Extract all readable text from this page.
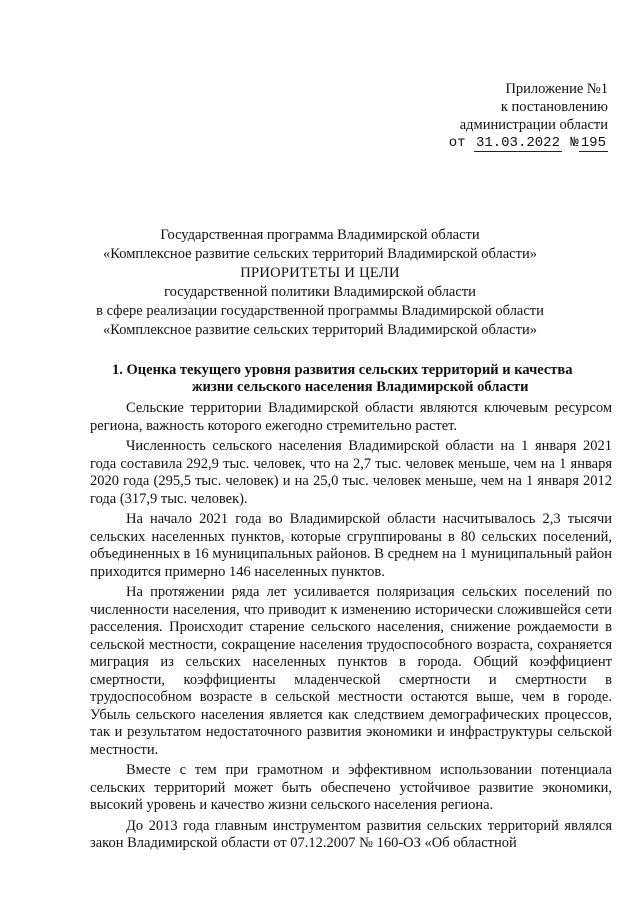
Приложение №1
к постановлению
администрации области
от 31.03.2022 № 195
Государственная программа Владимирской области
«Комплексное развитие сельских территорий Владимирской области»
ПРИОРИТЕТЫ И ЦЕЛИ
государственной политики Владимирской области
в сфере реализации государственной программы Владимирской области
«Комплексное развитие сельских территорий Владимирской области»
1. Оценка текущего уровня развития сельских территорий и качества
жизни сельского населения Владимирской области

Сельские территории Владимирской области являются ключевым ресурсом региона, важность которого ежегодно стремительно растет.

Численность сельского населения Владимирской области на 1 января 2021 года составила 292,9 тыс. человек, что на 2,7 тыс. человек меньше, чем на 1 января 2020 года (295,5 тыс. человек) и на 25,0 тыс. человек меньше, чем на 1 января 2012 года (317,9 тыс. человек).

На начало 2021 года во Владимирской области насчитывалось 2,3 тысячи сельских населенных пунктов, которые сгруппированы в 80 сельских поселений, объединенных в 16 муниципальных районов. В среднем на 1 муниципальный район приходится примерно 146 населенных пунктов.

На протяжении ряда лет усиливается поляризация сельских поселений по численности населения, что приводит к изменению исторически сложившейся сети расселения. Происходит старение сельского населения, снижение рождаемости в сельской местности, сокращение населения трудоспособного возраста, сохраняется миграция из сельских населенных пунктов в города. Общий коэффициент смертности, коэффициенты младенческой смертности и смертности в трудоспособном возрасте в сельской местности остаются выше, чем в городе. Убыль сельского населения является как следствием демографических процессов, так и результатом недостаточного развития экономики и инфраструктуры сельской местности.

Вместе с тем при грамотном и эффективном использовании потенциала сельских территорий может быть обеспечено устойчивое развитие экономики, высокий уровень и качество жизни сельского населения региона.

До 2013 года главным инструментом развития сельских территорий являлся закон Владимирской области от 07.12.2007 № 160-ОЗ «Об областной
